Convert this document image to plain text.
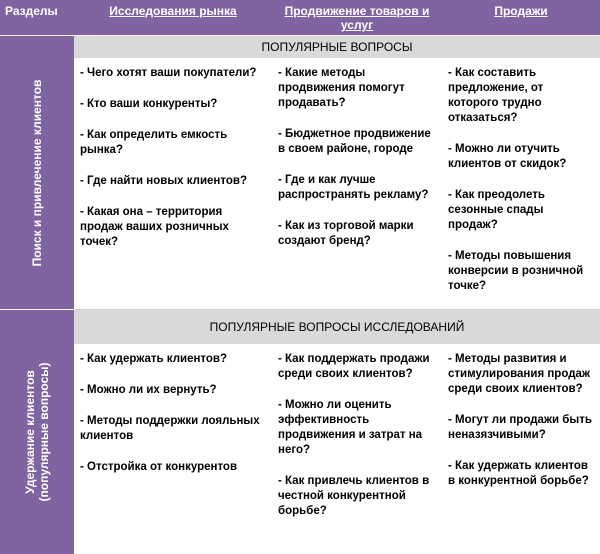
Разделы	Исследования рынка	Продвижение товаров и услуг
Продажи
Поиск и привлечение клиентов
ПОПУЛЯРНЫЕ ВОПРОСЫ
- Чего хотят ваши покупатели?
- Кто ваши конкуренты?
- Как определить емкость рынка?
- Где найти новых клиентов?
- Какая она – территория продаж ваших розничных точек?
- Какие методы продвижения помогут продавать?
- Бюджетное продвижение в своем районе, городе
- Где и как лучше распространять рекламу?
- Как из торговой марки создают бренд?
- Как составить предложение, от которого трудно отказаться?
- Можно ли отучить клиентов от скидок?
- Как преодолеть сезонные спады продаж?
- Методы повышения конверсии в розничной точке?
Удержание клиентов (популярные вопросы)
ПОПУЛЯРНЫЕ ВОПРОСЫ ИССЛЕДОВАНИЙ
- Как удержать клиентов?
- Можно ли их вернуть?
- Методы поддержки лояльных клиентов
- Отстройка от конкурентов
- Как поддержать продажи среди своих клиентов?
- Можно ли оценить эффективность продвижения и затрат на него?
- Как привлечь клиентов в честной конкурентной борьбе?
- Методы развития и стимулирования продаж среди своих клиентов?
- Могут ли продажи быть неназязчивыми?
- Как удержать клиентов в конкурентной борьбе?
